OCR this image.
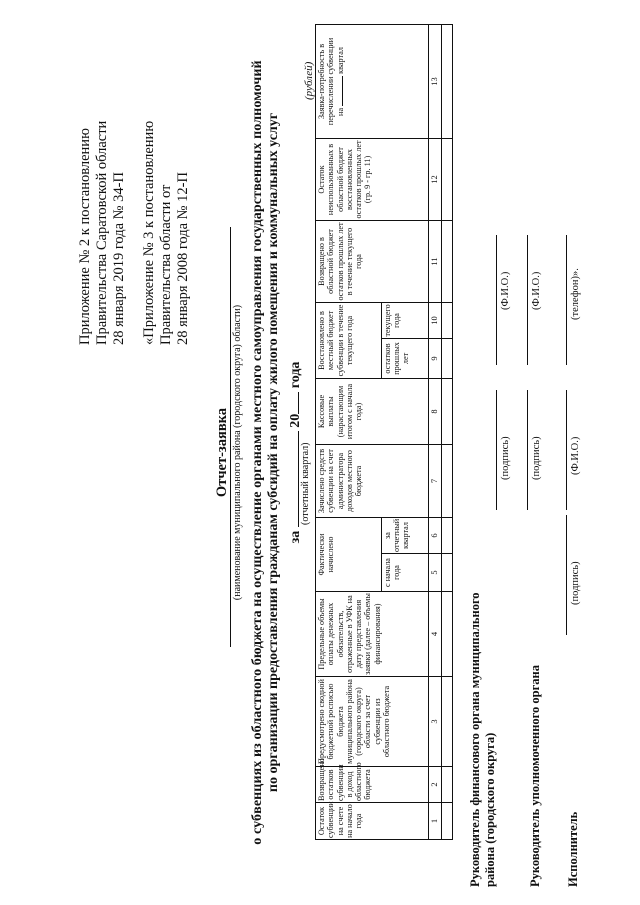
Приложение № 2 к постановлению Правительства Саратовской области 28 января 2019 года № 34-П «Приложение № 3 к постановлению Правительства области от 28 января 2008 года № 12-П

Отчет-заявка (наименование муниципального района (городского округа) области) о субвенциях из областного бюджета на осуществление органами местного самоуправления государственных полномочий по организации предоставления гражданам субсидий на оплату жилого помещения и коммунальных услуг за  20 года
(отчетный квартал)
(рублей)
Остаток субвенции на счете на начало года	Возвращено остатков субвенции в доход областного бюджета	Предусмотрено сводной бюджетной росписью бюджета муниципального района (городского округа) области за счет субвенции из областного бюджета	Предельные объемы оплаты денежных обязательств, отраженные в УФК на дату представления заявки (далее – объемы финансирования)	Фактически начислено		Зачислено средств субвенции на счет администратора доходов местного бюджета	Кассовые выплаты (нарастающим итогом с начала года)	Восстановлено в местный бюджет субвенции в течение текущего года		Возвращено в областной бюджет остатков прошлых лет в течение текущего года	Остаток неиспользованных в областной бюджет восстановленных остатков прошлых лет (гр. 9 - гр. 11)	Заявка-потребность в перечислении субвенции
на  квартал
				с начала года	за отчетный квартал			остатков прошлых лет	текущего года			
1	2	3	4	5	6	7	8	9	10	11	12	13

Руководитель финансового органа муниципального района (городского округа)
(подпись)
(Ф.И.О.)
Руководитель уполномоченного органа
(подпись)
(Ф.И.О.)
Исполнитель
(подпись)
(Ф.И.О.)
(телефон)».
